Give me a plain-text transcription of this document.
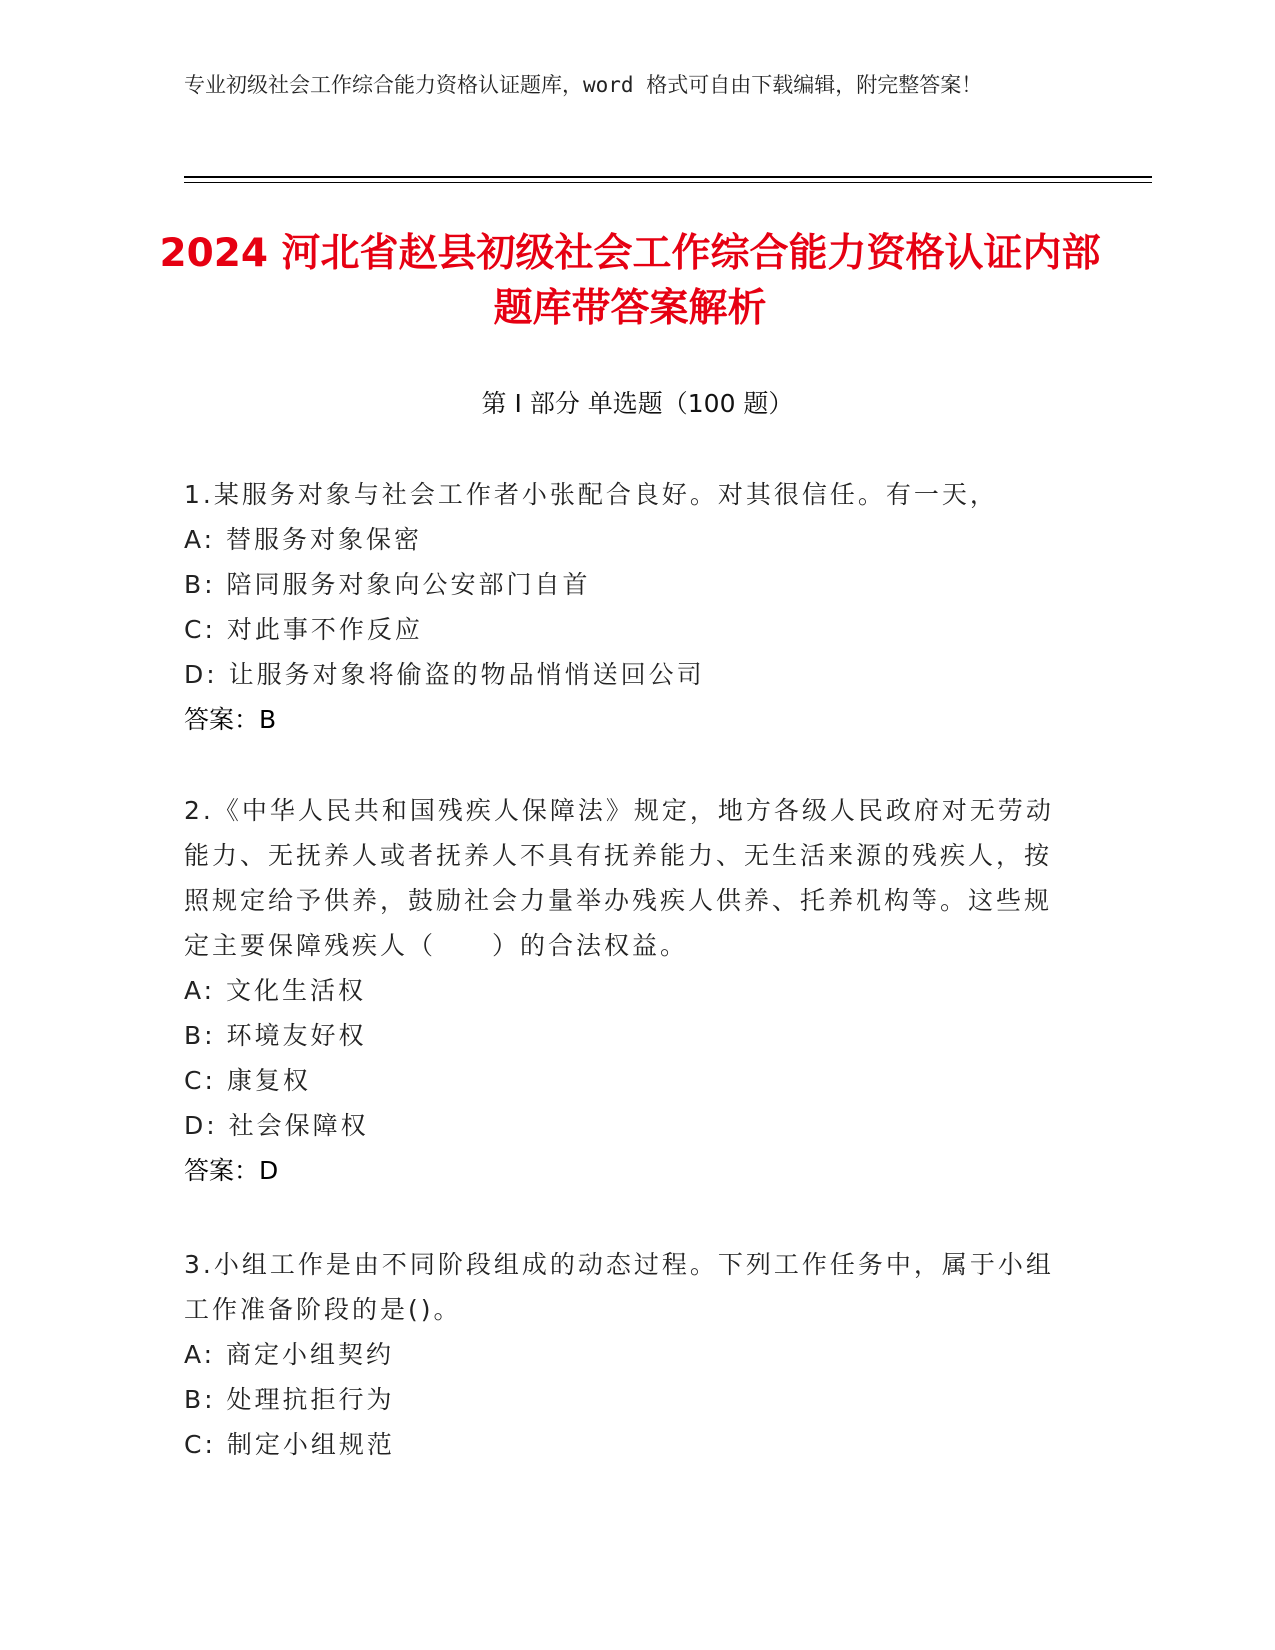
专业初级社会工作综合能力资格认证题库，word 格式可自由下载编辑，附完整答案！
2024 河北省赵县初级社会工作综合能力资格认证内部题库带答案解析
第 I 部分 单选题（100 题）
1.某服务对象与社会工作者小张配合良好。对其很信任。有一天，
A: 替服务对象保密
B: 陪同服务对象向公安部门自首
C: 对此事不作反应
D: 让服务对象将偷盗的物品悄悄送回公司
答案：B
2.《中华人民共和国残疾人保障法》规定，地方各级人民政府对无劳动能力、无抚养人或者抚养人不具有抚养能力、无生活来源的残疾人，按照规定给予供养，鼓励社会力量举办残疾人供养、托养机构等。这些规定主要保障残疾人（　　）的合法权益。
A: 文化生活权
B: 环境友好权
C: 康复权
D: 社会保障权
答案：D
3.小组工作是由不同阶段组成的动态过程。下列工作任务中，属于小组工作准备阶段的是()。
A: 商定小组契约
B: 处理抗拒行为
C: 制定小组规范
